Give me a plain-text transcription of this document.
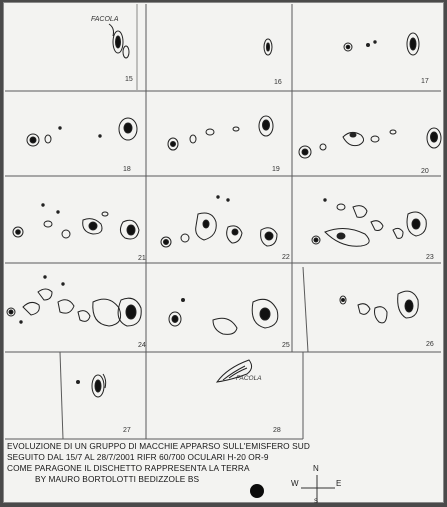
15
FACOLA
16	17
18	19	20
21	22	23
24	25	26
27	28
FACOLA
EVOLUZIONE DI UN GRUPPO DI MACCHIE APPARSO SULL'EMISFERO SUD
SEGUITO DAL 15/7 AL 28/7/2001 RIFR 60/700 OCULARI H-20 OR-9
COME PARAGONE IL DISCHETTO RAPPRESENTA LA TERRA
BY MAURO BORTOLOTTI BEDIZZOLE BS
N
S
W	E
